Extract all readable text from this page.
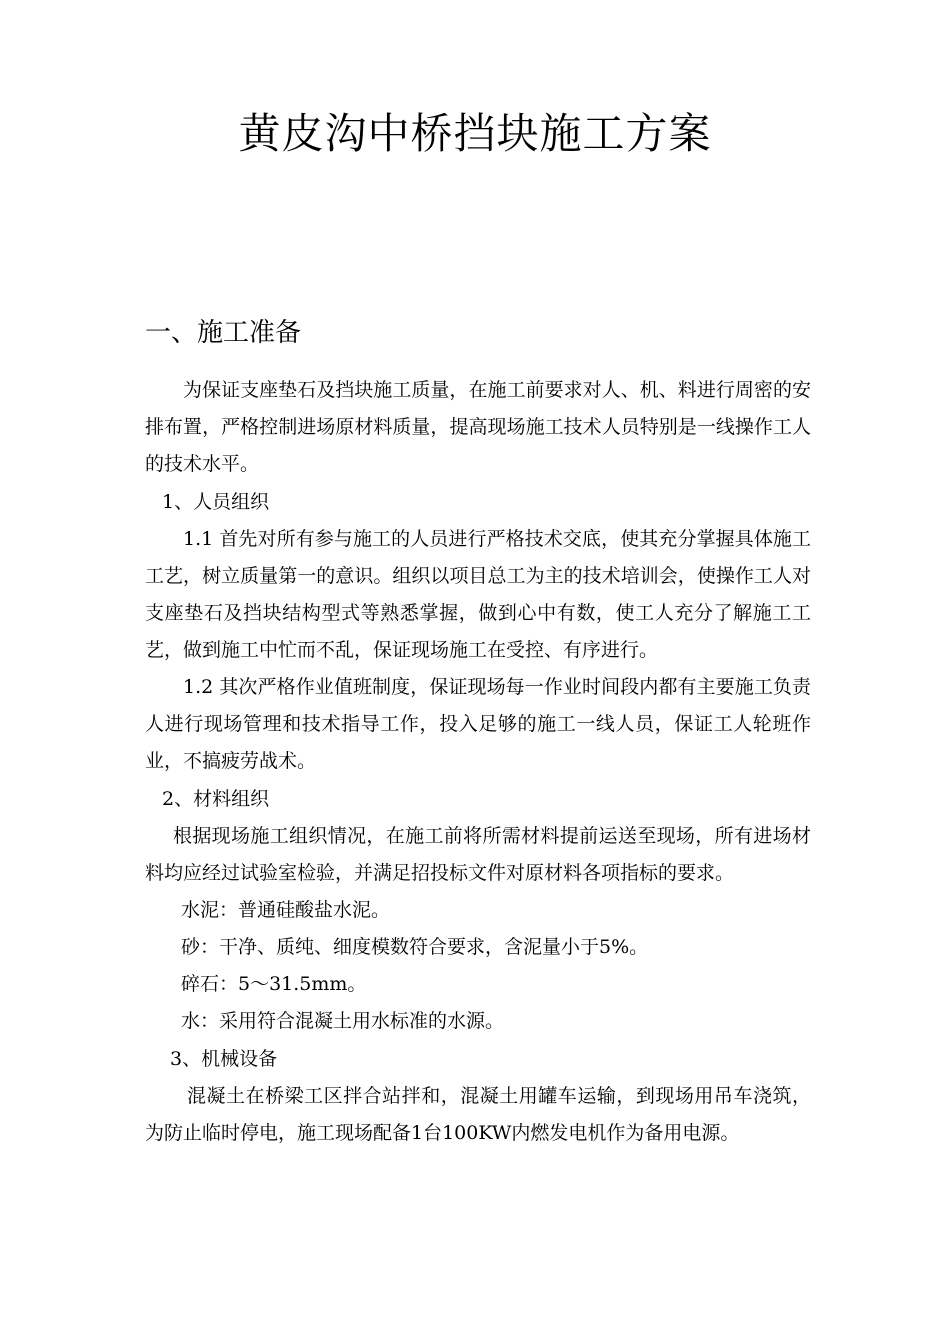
黄皮沟中桥挡块施工方案
一、施工准备

为保证支座垫石及挡块施工质量，在施工前要求对人、机、料进行周密的安排布置，严格控制进场原材料质量，提高现场施工技术人员特别是一线操作工人的技术水平。

1、人员组织

1.1 首先对所有参与施工的人员进行严格技术交底，使其充分掌握具体施工工艺，树立质量第一的意识。组织以项目总工为主的技术培训会，使操作工人对支座垫石及挡块结构型式等熟悉掌握，做到心中有数，使工人充分了解施工工艺，做到施工中忙而不乱，保证现场施工在受控、有序进行。

1.2 其次严格作业值班制度，保证现场每一作业时间段内都有主要施工负责人进行现场管理和技术指导工作，投入足够的施工一线人员，保证工人轮班作业，不搞疲劳战术。

2、材料组织

根据现场施工组织情况，在施工前将所需材料提前运送至现场，所有进场材料均应经过试验室检验，并满足招投标文件对原材料各项指标的要求。

水泥：普通硅酸盐水泥。

砂：干净、质纯、细度模数符合要求，含泥量小于5%。

碎石：5～31.5mm。

水：采用符合混凝土用水标准的水源。

3、机械设备

混凝土在桥梁工区拌合站拌和，混凝土用罐车运输，到现场用吊车浇筑，为防止临时停电，施工现场配备1台100KW内燃发电机作为备用电源。
